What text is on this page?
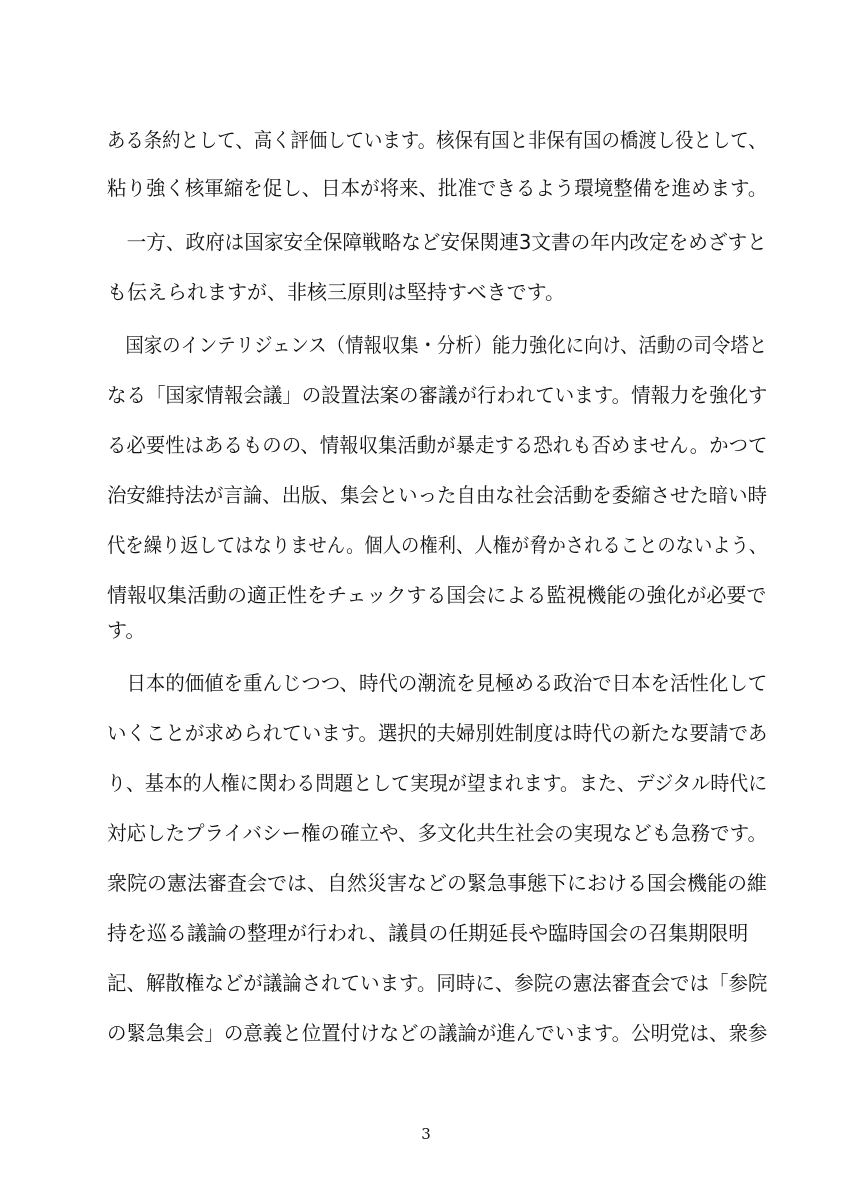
ある条約として、高く評価しています。核保有国と非保有国の橋渡し役として、
粘り強く核軍縮を促し、日本が将来、批准できるよう環境整備を進めます。
　一方、政府は国家安全保障戦略など安保関連3文書の年内改定をめざすと
も伝えられますが、非核三原則は堅持すべきです。
　国家のインテリジェンス（情報収集・分析）能力強化に向け、活動の司令塔と
なる「国家情報会議」の設置法案の審議が行われています。情報力を強化す
る必要性はあるものの、情報収集活動が暴走する恐れも否めません。かつて
治安維持法が言論、出版、集会といった自由な社会活動を委縮させた暗い時
代を繰り返してはなりません。個人の権利、人権が脅かされることのないよう、
情報収集活動の適正性をチェックする国会による監視機能の強化が必要で
す。
　日本的価値を重んじつつ、時代の潮流を見極める政治で日本を活性化して
いくことが求められています。選択的夫婦別姓制度は時代の新たな要請であ
り、基本的人権に関わる問題として実現が望まれます。また、デジタル時代に
対応したプライバシー権の確立や、多文化共生社会の実現なども急務です。
衆院の憲法審査会では、自然災害などの緊急事態下における国会機能の維
持を巡る議論の整理が行われ、議員の任期延長や臨時国会の召集期限明
記、解散権などが議論されています。同時に、参院の憲法審査会では「参院
の緊急集会」の意義と位置付けなどの議論が進んでいます。公明党は、衆参
3
